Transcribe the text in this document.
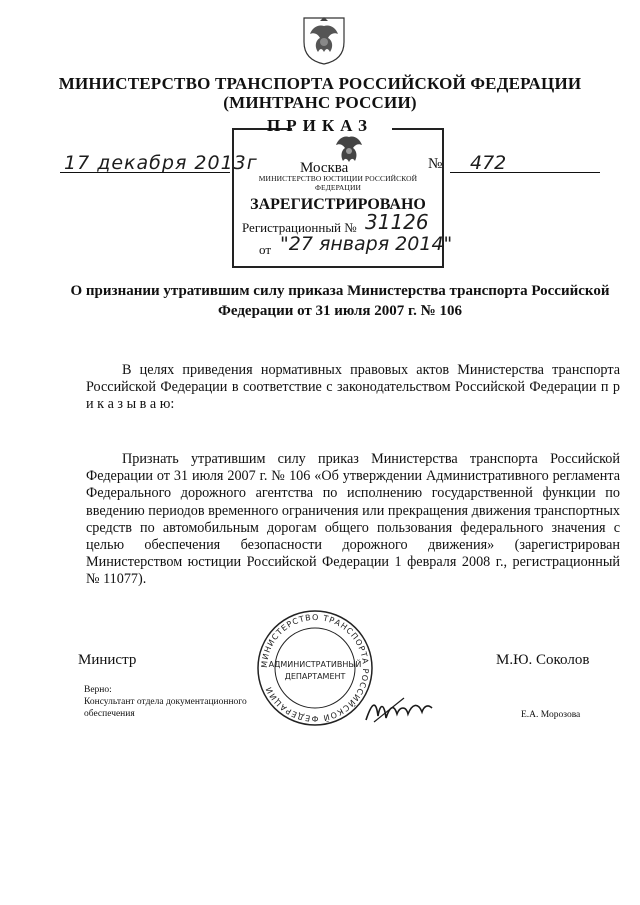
МИНИСТЕРСТВО ТРАНСПОРТА РОССИЙСКОЙ ФЕДЕРАЦИИ
(МИНТРАНС РОССИИ)
ПРИКАЗ
17 декабря 2013г	Москва	№ 472
МИНИСТЕРСТВО ЮСТИЦИИ РОССИЙСКОЙ ФЕДЕРАЦИИ
ЗАРЕГИСТРИРОВАНО
Регистрационный № 31126
от "27 января 2014"
О признании утратившим силу приказа Министерства транспорта Российской Федерации от 31 июля 2007 г. № 106
В целях приведения нормативных правовых актов Министерства транспорта Российской Федерации в соответствие с законодательством Российской Федерации п р и к а з ы в а ю:
Признать утратившим силу приказ Министерства транспорта Российской Федерации от 31 июля 2007 г. № 106 «Об утверждении Административного регламента Федерального дорожного агентства по исполнению государственной функции по введению периодов временного ограничения или прекращения движения транспортных средств по автомобильным дорогам общего пользования федерального значения с целью обеспечения безопасности дорожного движения» (зарегистрирован Министерством юстиции Российской Федерации 1 февраля 2008 г., регистрационный № 11077).
Министр	М.Ю. Соколов
МИНИСТЕРСТВО ТРАНСПОРТА РОССИЙСКОЙ ФЕДЕРАЦИИ
АДМИНИСТРАТИВНЫЙ
ДЕПАРТАМЕНТ
Верно:
Консультант отдела документационного
обеспечения	Е.А. Морозова
